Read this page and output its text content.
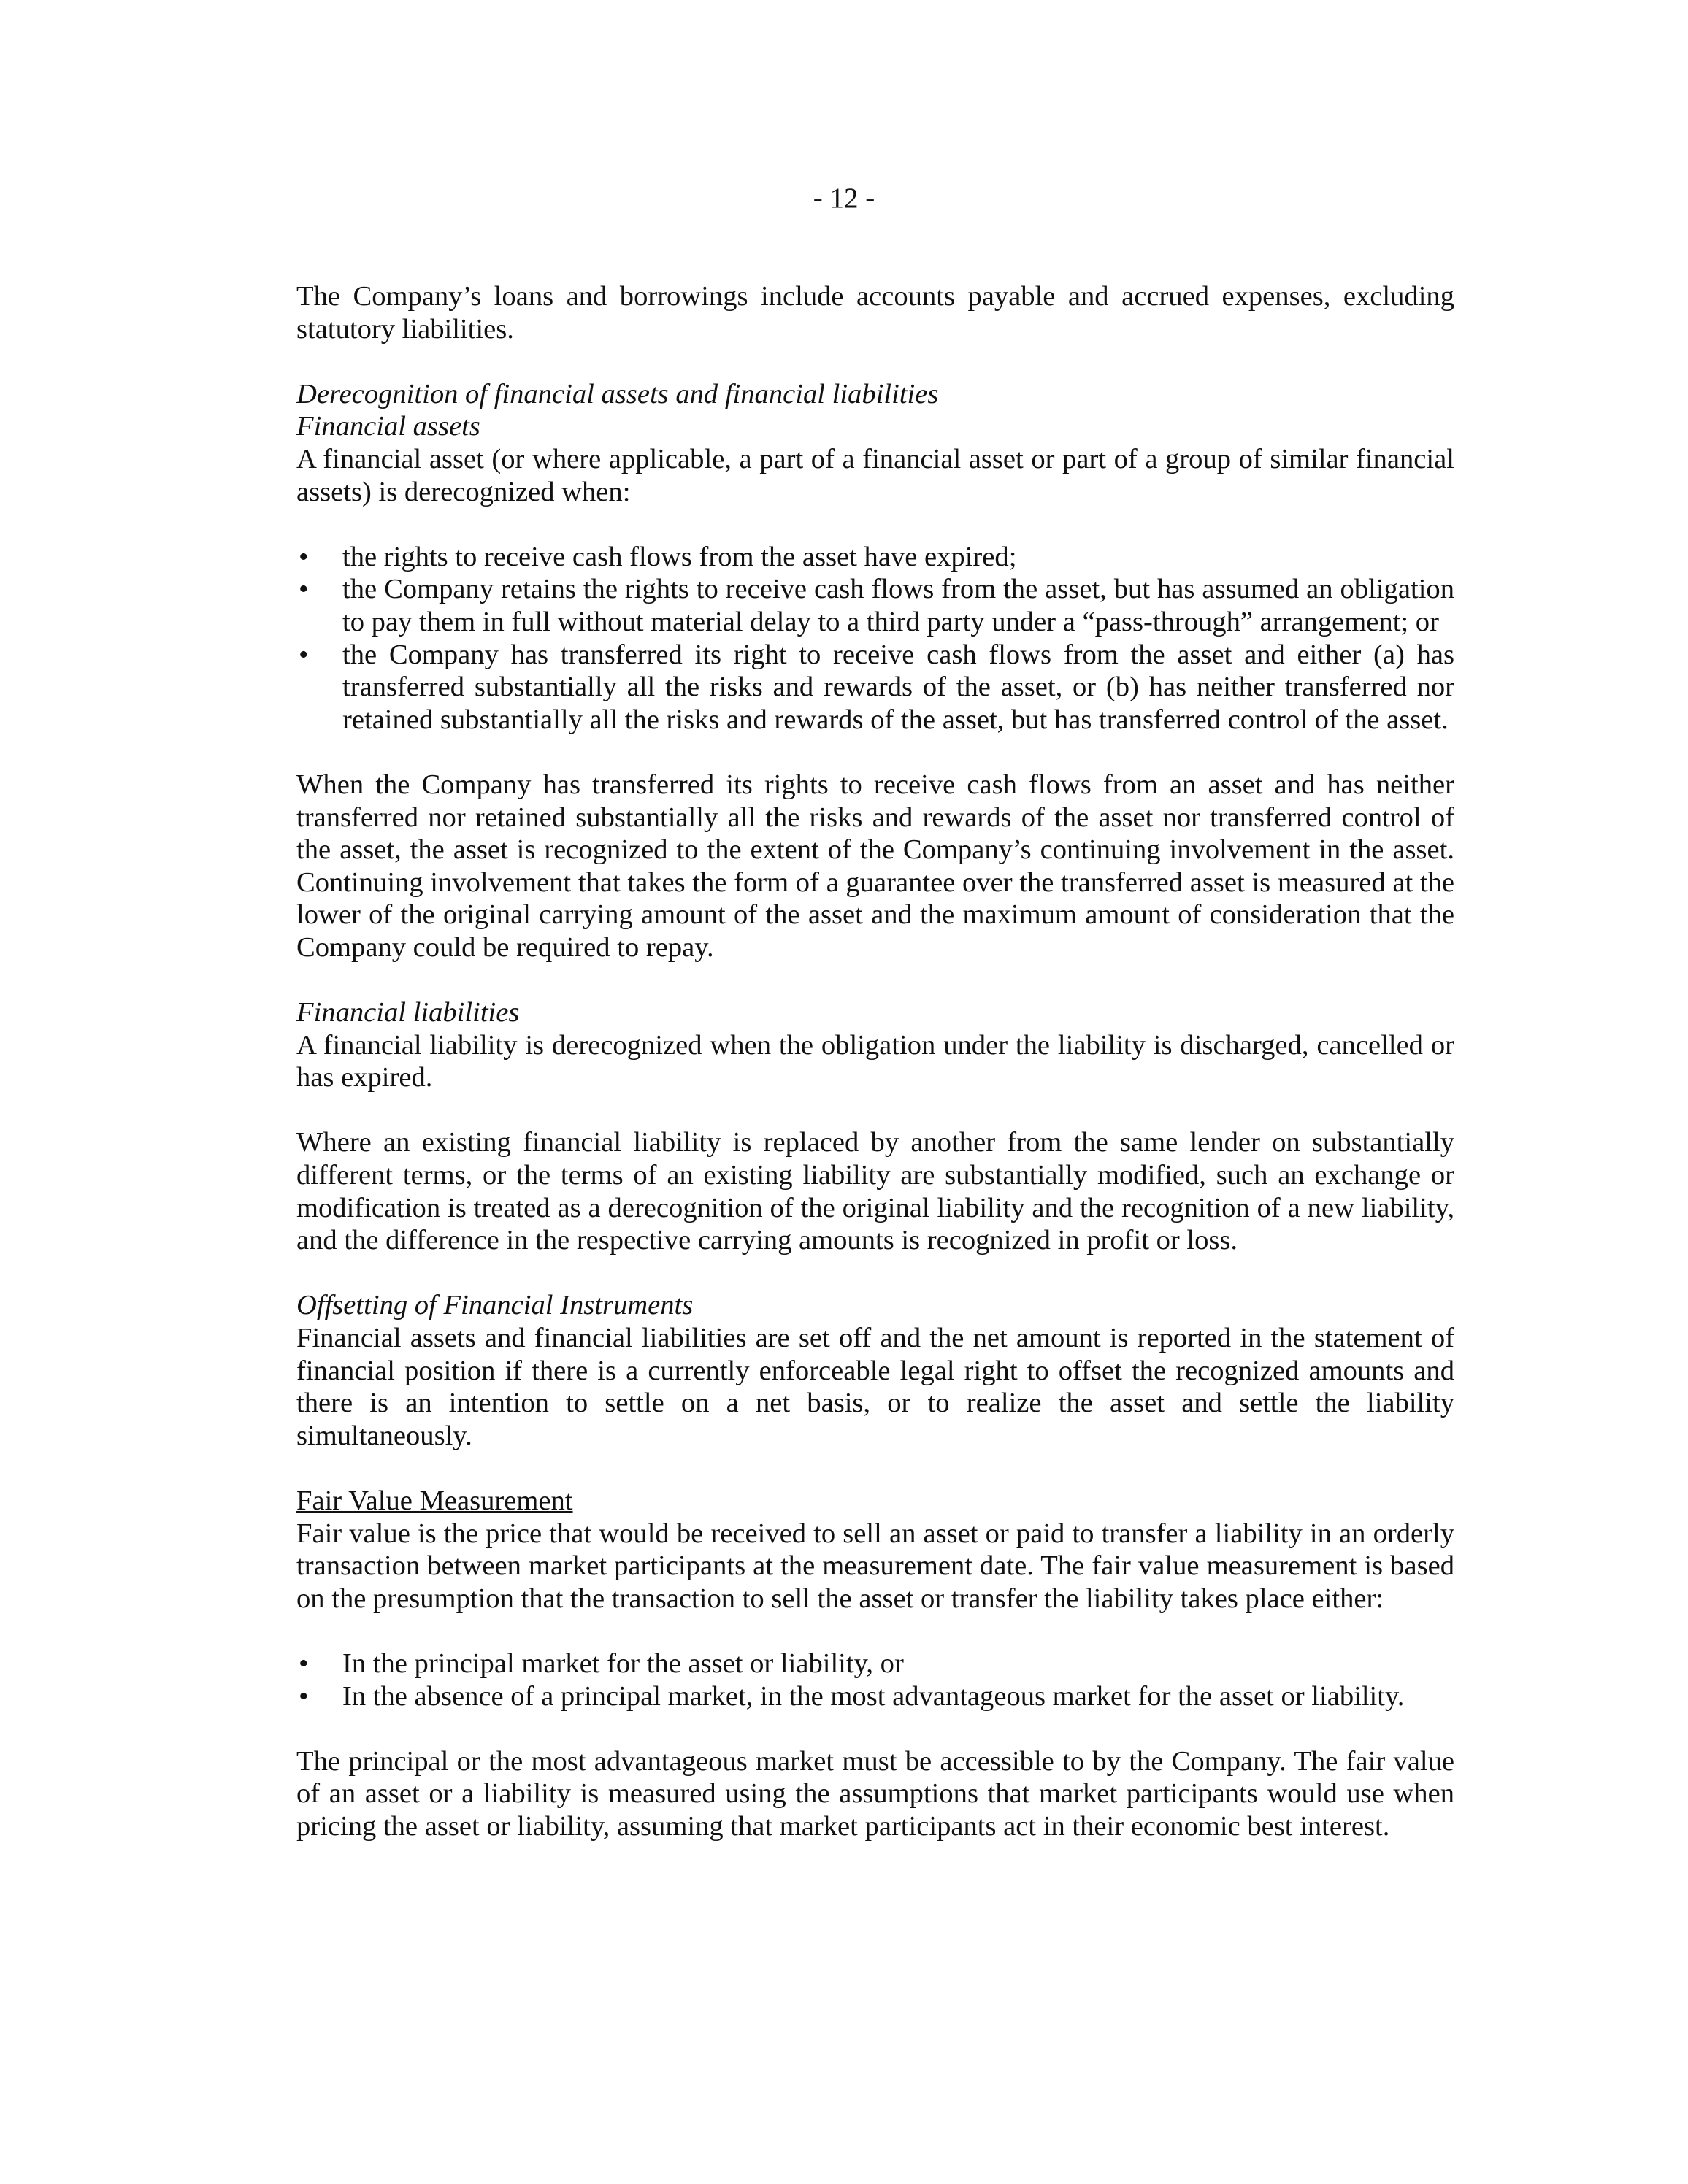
- 12 -

The Company’s loans and borrowings include accounts payable and accrued expenses, excluding statutory liabilities.

Derecognition of financial assets and financial liabilities

Financial assets

A financial asset (or where applicable, a part of a financial asset or part of a group of similar financial assets) is derecognized when:

• the rights to receive cash flows from the asset have expired;
• the Company retains the rights to receive cash flows from the asset, but has assumed an obligation to pay them in full without material delay to a third party under a “pass-through” arrangement; or
• the Company has transferred its right to receive cash flows from the asset and either (a) has transferred substantially all the risks and rewards of the asset, or (b) has neither transferred nor retained substantially all the risks and rewards of the asset, but has transferred control of the asset.

When the Company has transferred its rights to receive cash flows from an asset and has neither transferred nor retained substantially all the risks and rewards of the asset nor transferred control of the asset, the asset is recognized to the extent of the Company’s continuing involvement in the asset. Continuing involvement that takes the form of a guarantee over the transferred asset is measured at the lower of the original carrying amount of the asset and the maximum amount of consideration that the Company could be required to repay.

Financial liabilities

A financial liability is derecognized when the obligation under the liability is discharged, cancelled or has expired.

Where an existing financial liability is replaced by another from the same lender on substantially different terms, or the terms of an existing liability are substantially modified, such an exchange or modification is treated as a derecognition of the original liability and the recognition of a new liability, and the difference in the respective carrying amounts is recognized in profit or loss.

Offsetting of Financial Instruments

Financial assets and financial liabilities are set off and the net amount is reported in the statement of financial position if there is a currently enforceable legal right to offset the recognized amounts and there is an intention to settle on a net basis, or to realize the asset and settle the liability simultaneously.

Fair Value Measurement

Fair value is the price that would be received to sell an asset or paid to transfer a liability in an orderly transaction between market participants at the measurement date. The fair value measurement is based on the presumption that the transaction to sell the asset or transfer the liability takes place either:

• In the principal market for the asset or liability, or
• In the absence of a principal market, in the most advantageous market for the asset or liability.

The principal or the most advantageous market must be accessible to by the Company. The fair value of an asset or a liability is measured using the assumptions that market participants would use when pricing the asset or liability, assuming that market participants act in their economic best interest.
